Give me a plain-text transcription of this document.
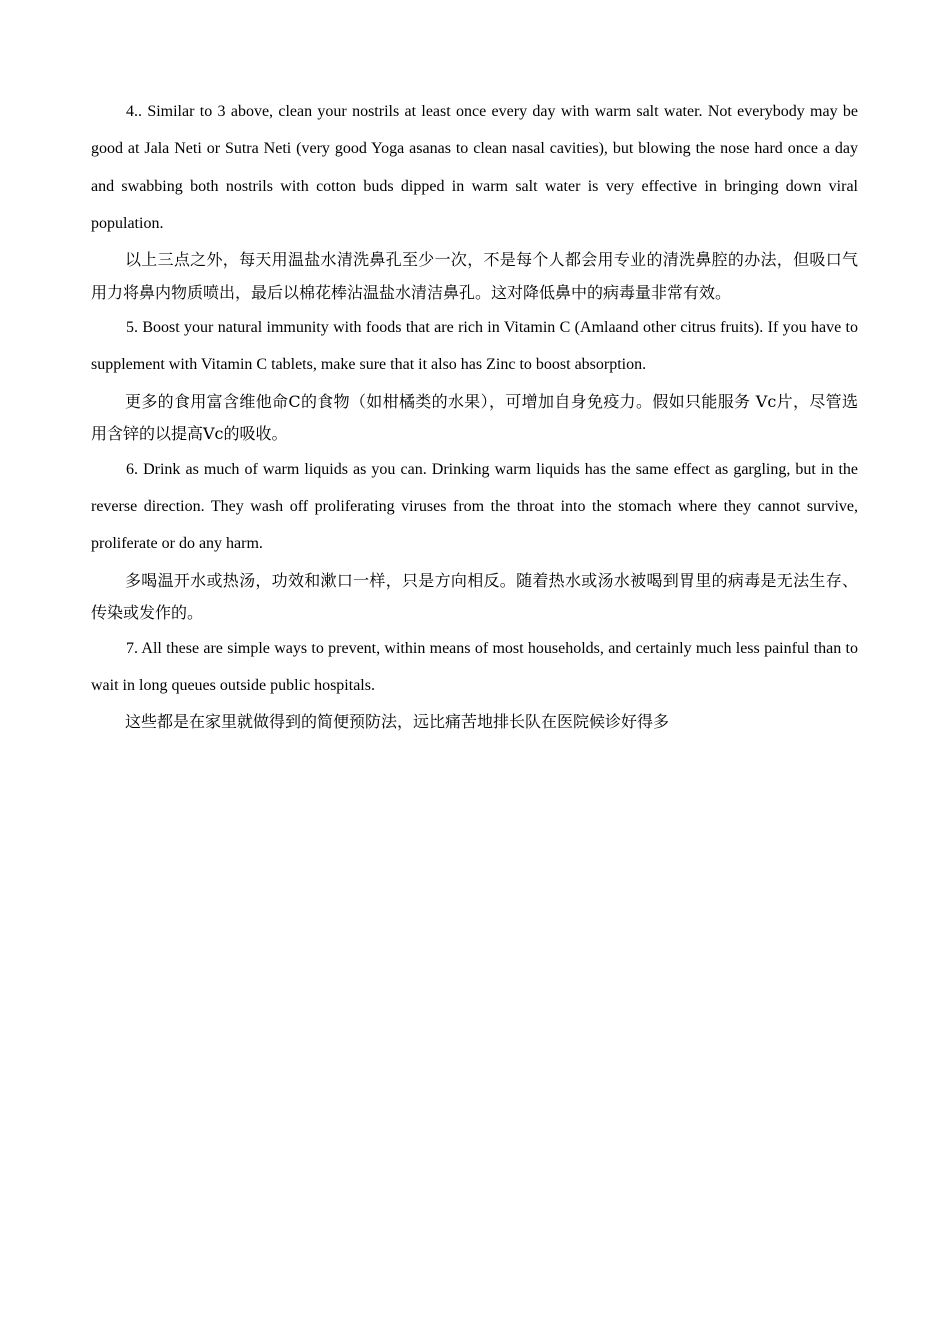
4.. Similar to 3 above, clean your nostrils at least once every day with warm salt water. Not everybody may be good at Jala Neti or Sutra Neti (very good Yoga asanas to clean nasal cavities), but blowing the nose hard once a day and swabbing both nostrils with cotton buds dipped in warm salt water is very effective in bringing down viral population.

以上三点之外，每天用温盐水清洗鼻孔至少一次，不是每个人都会用专业的清洗鼻腔的办法，但吸口气用力将鼻内物质喷出，最后以棉花棒沾温盐水清洁鼻孔。这对降低鼻中的病毒量非常有效。

5. Boost your natural immunity with foods that are rich in Vitamin C (Amlaand other citrus fruits). If you have to supplement with Vitamin C tablets, make sure that it also has Zinc to boost absorption.

更多的食用富含维他命C的食物（如柑橘类的水果），可增加自身免疫力。假如只能服务 Vc片，尽管选用含锌的以提高Vc的吸收。

6. Drink as much of warm liquids as you can. Drinking warm liquids has the same effect as gargling, but in the reverse direction. They wash off proliferating viruses from the throat into the stomach where they cannot survive, proliferate or do any harm.

多喝温开水或热汤，功效和漱口一样，只是方向相反。随着热水或汤水被喝到胃里的病毒是无法生存、传染或发作的。

7. All these are simple ways to prevent, within means of most households, and certainly much less painful than to wait in long queues outside public hospitals.

这些都是在家里就做得到的简便预防法，远比痛苦地排长队在医院候诊好得多
